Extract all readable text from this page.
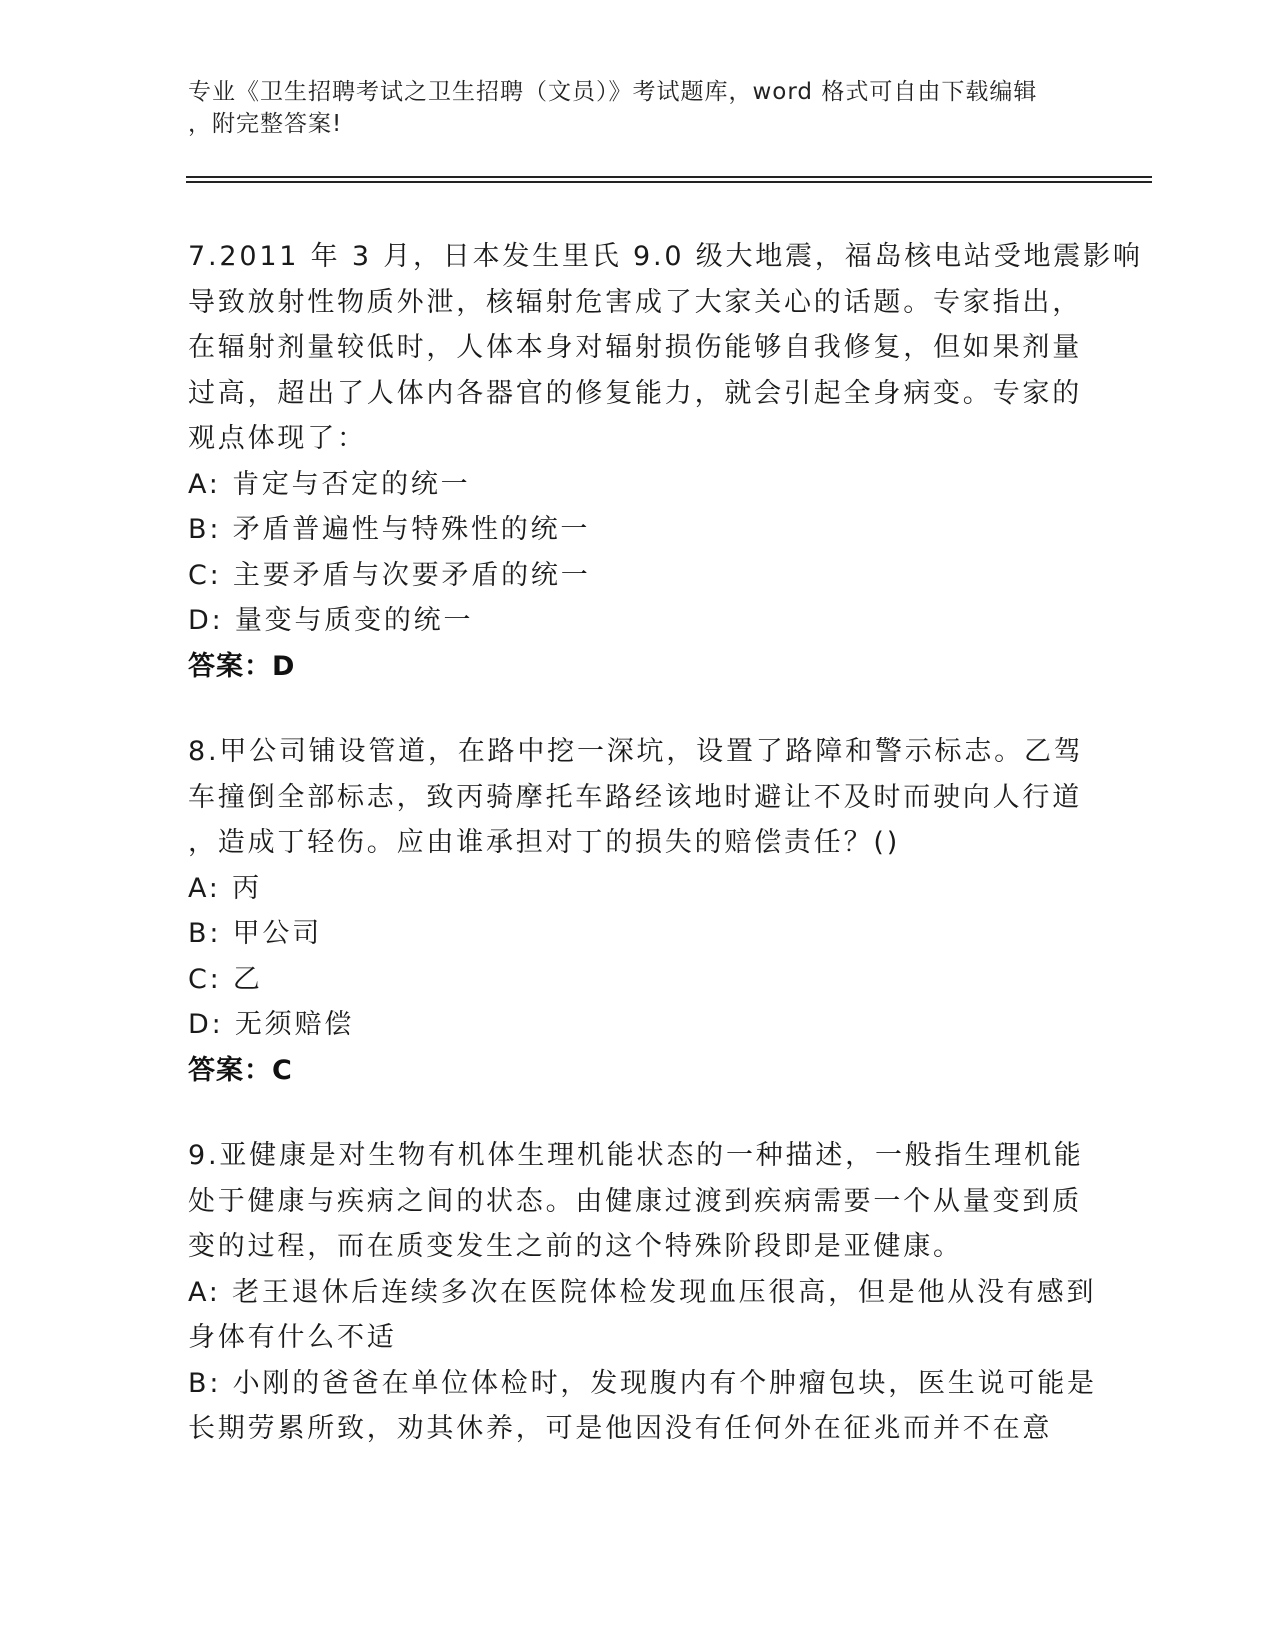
专业《卫生招聘考试之卫生招聘（文员）》考试题库，word 格式可自由下载编辑
，附完整答案!
7.2011 年 3 月，日本发生里氏 9.0 级大地震，福岛核电站受地震影响
导致放射性物质外泄，核辐射危害成了大家关心的话题。专家指出，
在辐射剂量较低时，人体本身对辐射损伤能够自我修复，但如果剂量
过高，超出了人体内各器官的修复能力，就会引起全身病变。专家的
观点体现了：
A: 肯定与否定的统一
B: 矛盾普遍性与特殊性的统一
C: 主要矛盾与次要矛盾的统一
D: 量变与质变的统一
答案：D
8.甲公司铺设管道，在路中挖一深坑，设置了路障和警示标志。乙驾
车撞倒全部标志，致丙骑摩托车路经该地时避让不及时而驶向人行道
，造成丁轻伤。应由谁承担对丁的损失的赔偿责任？()
A: 丙
B: 甲公司
C: 乙
D: 无须赔偿
答案：C
9.亚健康是对生物有机体生理机能状态的一种描述，一般指生理机能
处于健康与疾病之间的状态。由健康过渡到疾病需要一个从量变到质
变的过程，而在质变发生之前的这个特殊阶段即是亚健康。
A: 老王退休后连续多次在医院体检发现血压很高，但是他从没有感到
身体有什么不适
B: 小刚的爸爸在单位体检时，发现腹内有个肿瘤包块，医生说可能是
长期劳累所致，劝其休养，可是他因没有任何外在征兆而并不在意
